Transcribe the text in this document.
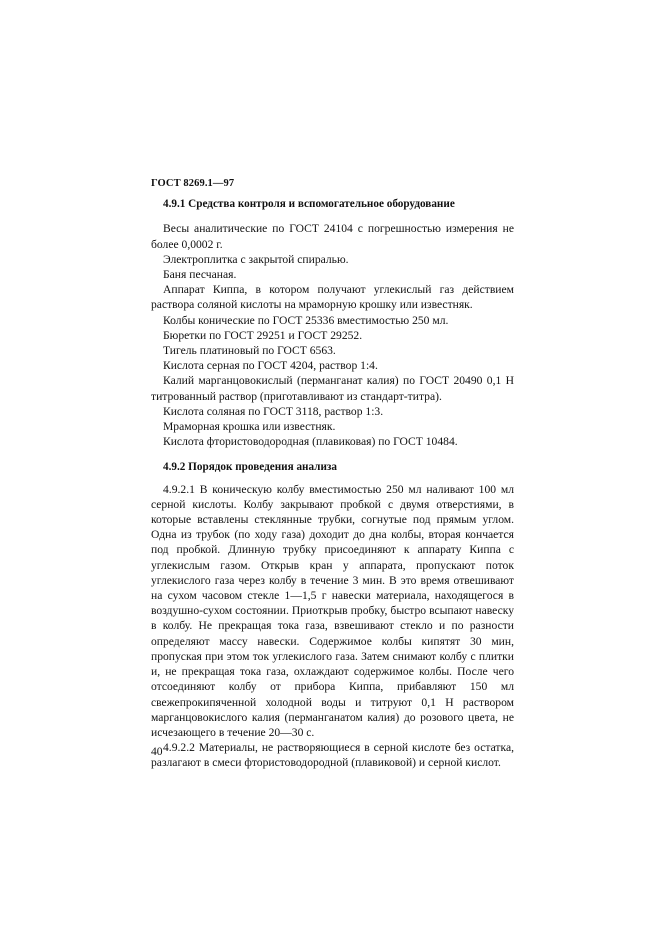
ГОСТ 8269.1—97
4.9.1 Средства контроля и вспомогательное оборудование

Весы аналитические по ГОСТ 24104 с погрешностью измерения не более 0,0002 г.

Электроплитка с закрытой спиралью.

Баня песчаная.

Аппарат Киппа, в котором получают углекислый газ действием раствора соляной кислоты на мраморную крошку или известняк.

Колбы конические по ГОСТ 25336 вместимостью 250 мл.

Бюретки по ГОСТ 29251 и ГОСТ 29252.

Тигель платиновый по ГОСТ 6563.

Кислота серная по ГОСТ 4204, раствор 1:4.

Калий марганцовокислый (перманганат калия) по ГОСТ 20490 0,1 Н титрованный раствор (приготавливают из стандарт-титра).

Кислота соляная по ГОСТ 3118, раствор 1:3.

Мраморная крошка или известняк.

Кислота фтористоводородная (плавиковая) по ГОСТ 10484.

4.9.2 Порядок проведения анализа

4.9.2.1 В коническую колбу вместимостью 250 мл наливают 100 мл серной кислоты. Колбу закрывают пробкой с двумя отверстиями, в которые вставлены стеклянные трубки, согнутые под прямым углом. Одна из трубок (по ходу газа) доходит до дна колбы, вторая кончается под пробкой. Длинную трубку присоединяют к аппарату Киппа с углекислым газом. Открыв кран у аппарата, пропускают поток углекислого газа через колбу в течение 3 мин. В это время отвешивают на сухом часовом стекле 1—1,5 г навески материала, находящегося в воздушно-сухом состоянии. Приоткрыв пробку, быстро всыпают навеску в колбу. Не прекращая тока газа, взвешивают стекло и по разности определяют массу навески. Содержимое колбы кипятят 30 мин, пропуская при этом ток углекислого газа. Затем снимают колбу с плитки и, не прекращая тока газа, охлаждают содержимое колбы. После чего отсоединяют колбу от прибора Киппа, прибавляют 150 мл свежепрокипяченной холодной воды и титруют 0,1 Н раствором марганцовокислого калия (перманганатом калия) до розового цвета, не исчезающего в течение 20—30 с.

4.9.2.2 Материалы, не растворяющиеся в серной кислоте без остатка, разлагают в смеси фтористоводородной (плавиковой) и серной кислот.

40
